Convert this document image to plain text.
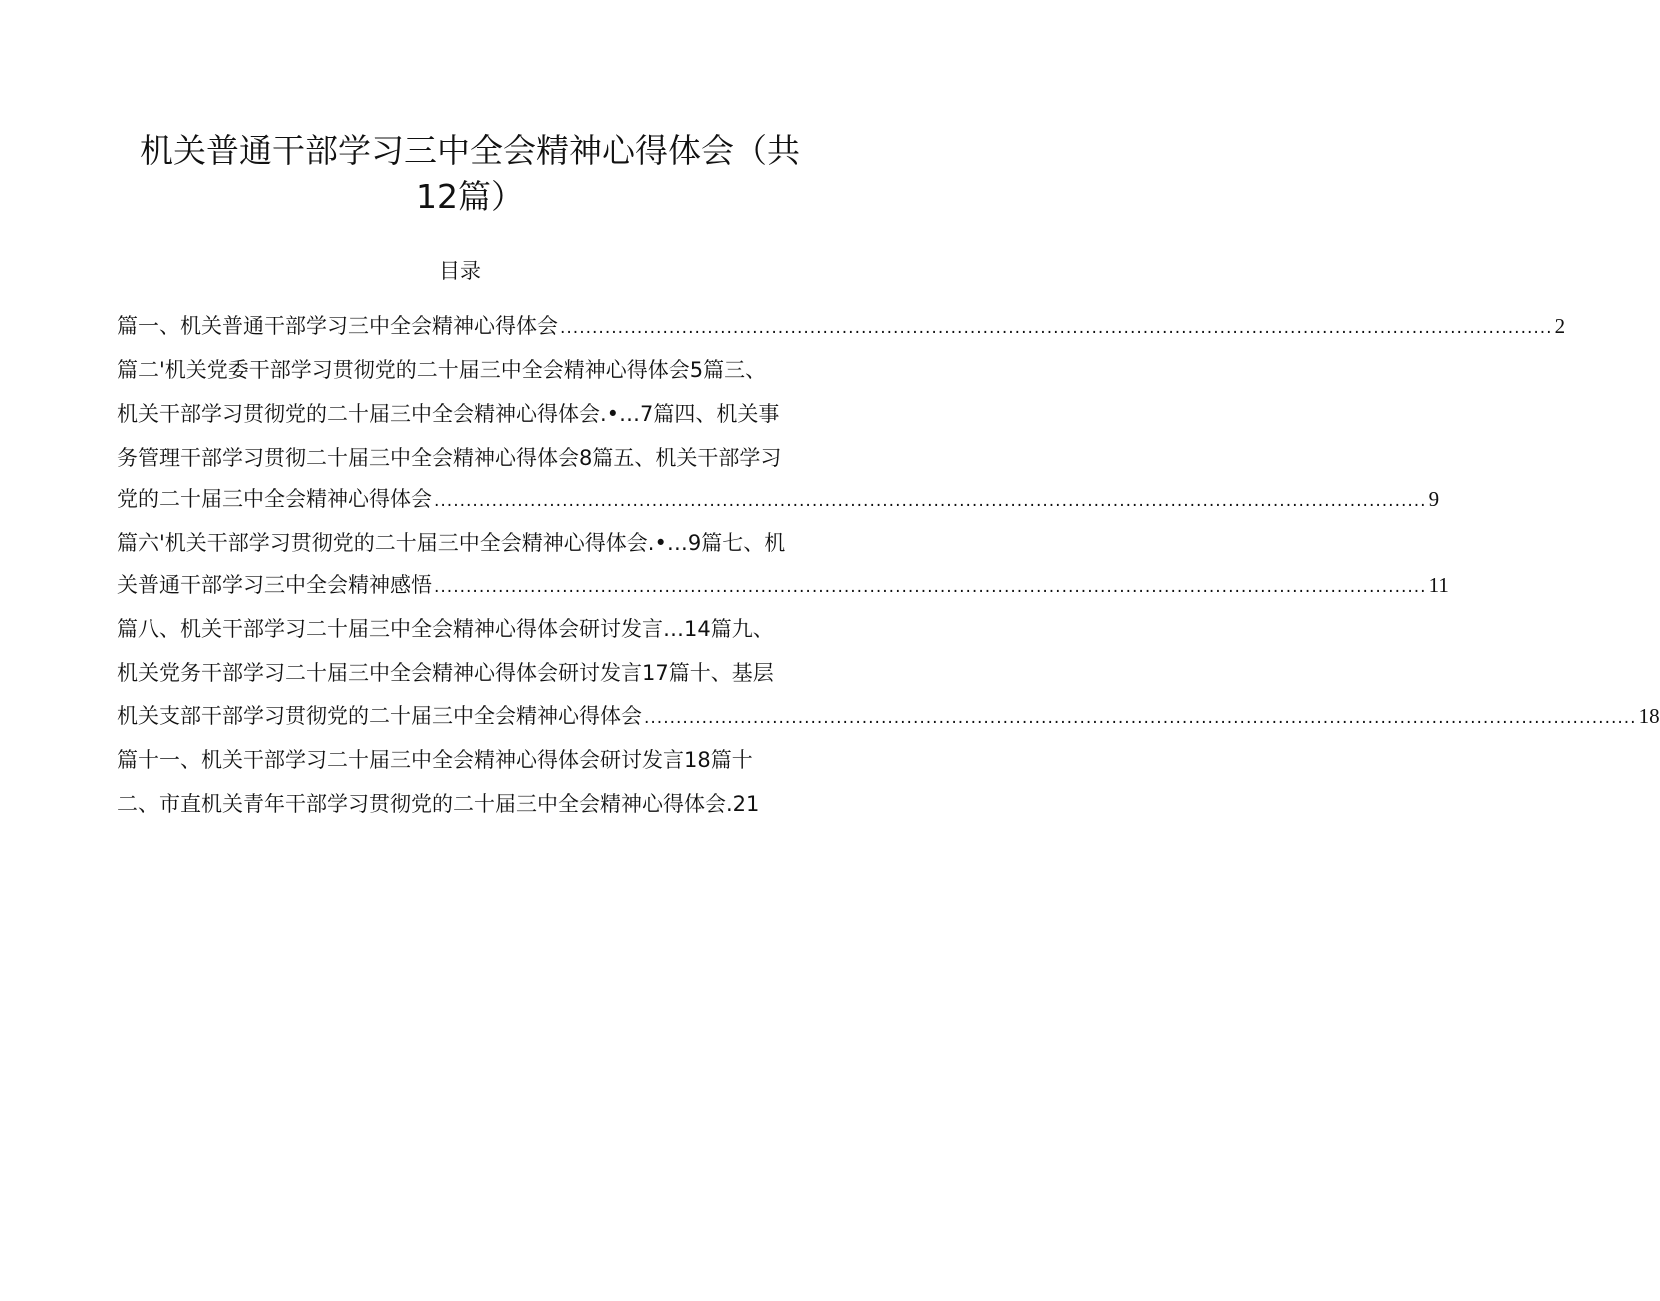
机关普通干部学习三中全会精神心得体会（共
12篇）
目录
篇一、机关普通干部学习三中全会精神心得体会 ........................................................................................................................................................... 2
篇二'机关党委干部学习贯彻党的二十届三中全会精神心得体会5篇三、
机关干部学习贯彻党的二十届三中全会精神心得体会.•…7篇四、机关事
务管理干部学习贯彻二十届三中全会精神心得体会8篇五、机关干部学习
党的二十届三中全会精神心得体会 ........................................................................................................................................................... 9
篇六'机关干部学习贯彻党的二十届三中全会精神心得体会.•…9篇七、机
关普通干部学习三中全会精神感悟 ........................................................................................................................................................... 11
篇八、机关干部学习二十届三中全会精神心得体会研讨发言…14篇九、
机关党务干部学习二十届三中全会精神心得体会研讨发言17篇十、基层
机关支部干部学习贯彻党的二十届三中全会精神心得体会 ........................................................................................................................................................... 18
篇十一、机关干部学习二十届三中全会精神心得体会研讨发言18篇十
二、市直机关青年干部学习贯彻党的二十届三中全会精神心得体会.21
